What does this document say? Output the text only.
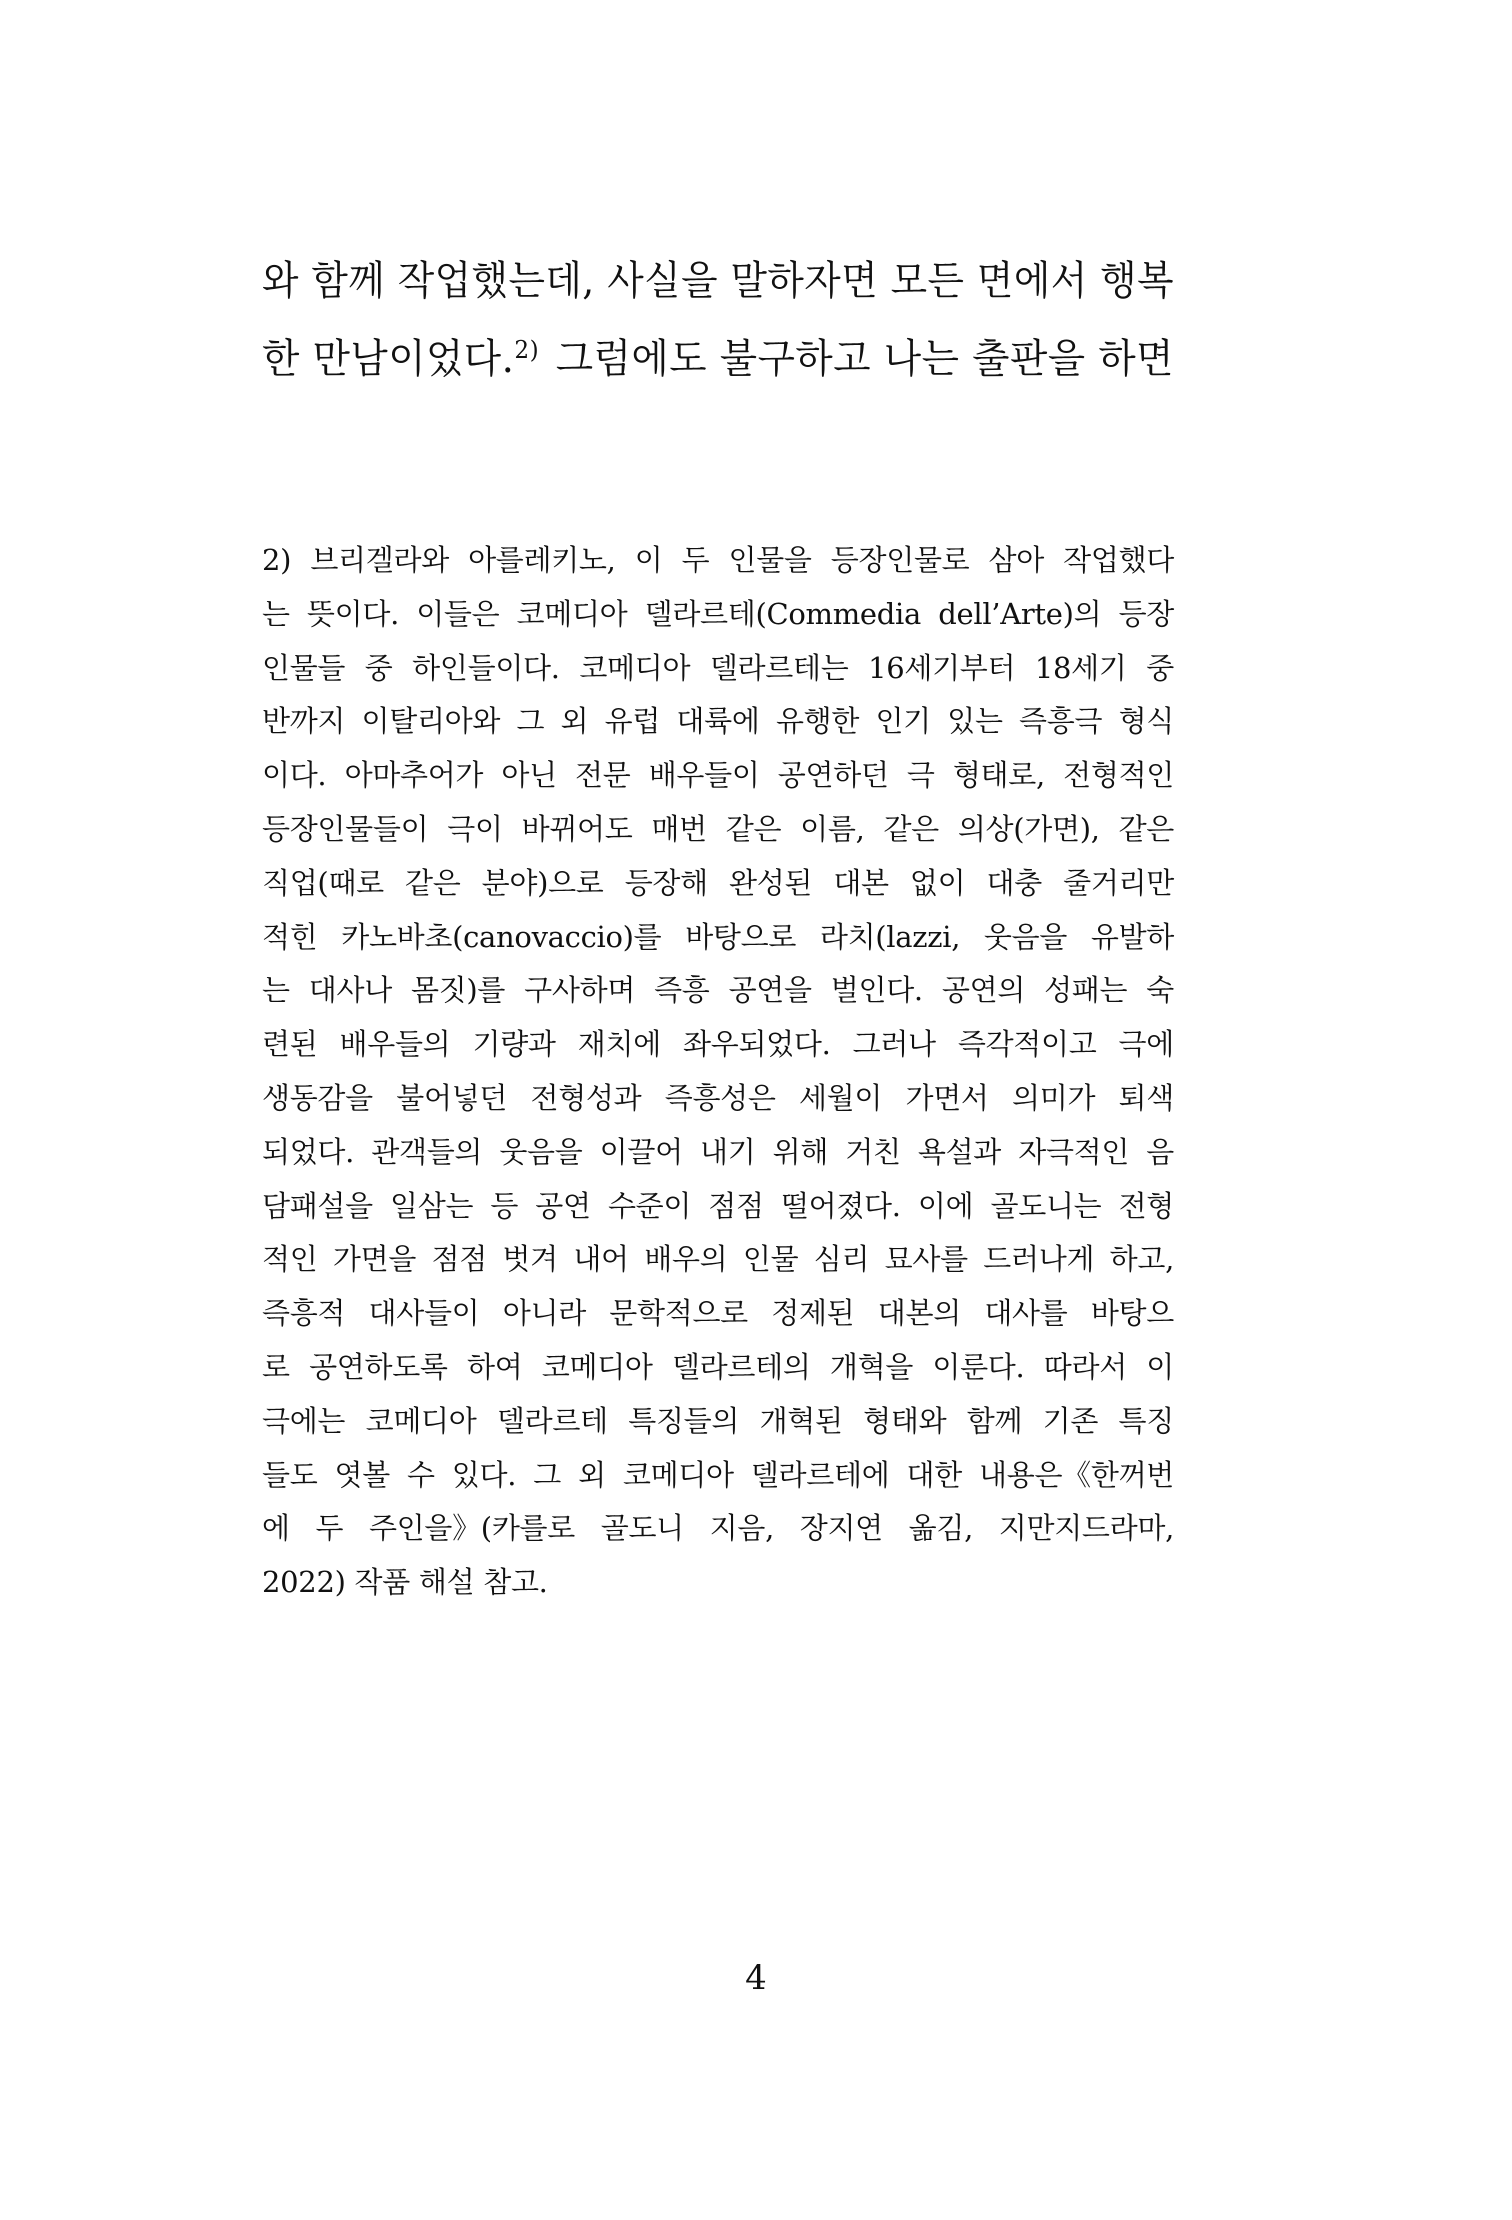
와 함께 작업했는데, 사실을 말하자면 모든 면에서 행복
한 만남이었다.$^{2)}$ 그럼에도 불구하고 나는 출판을 하면
2) 브리겔라와 아를레키노, 이 두 인물을 등장인물로 삼아 작업했다
는 뜻이다. 이들은 코메디아 델라르테(Commedia dell’Arte)의 등장
인물들 중 하인들이다. 코메디아 델라르테는 16세기부터 18세기 중
반까지 이탈리아와 그 외 유럽 대륙에 유행한 인기 있는 즉흥극 형식
이다. 아마추어가 아닌 전문 배우들이 공연하던 극 형태로, 전형적인
등장인물들이 극이 바뀌어도 매번 같은 이름, 같은 의상(가면), 같은
직업(때로 같은 분야)으로 등장해 완성된 대본 없이 대충 줄거리만
적힌 카노바초(canovaccio)를 바탕으로 라치(lazzi, 웃음을 유발하
는 대사나 몸짓)를 구사하며 즉흥 공연을 벌인다. 공연의 성패는 숙
련된 배우들의 기량과 재치에 좌우되었다. 그러나 즉각적이고 극에
생동감을 불어넣던 전형성과 즉흥성은 세월이 가면서 의미가 퇴색
되었다. 관객들의 웃음을 이끌어 내기 위해 거친 욕설과 자극적인 음
담패설을 일삼는 등 공연 수준이 점점 떨어졌다. 이에 골도니는 전형
적인 가면을 점점 벗겨 내어 배우의 인물 심리 묘사를 드러나게 하고,
즉흥적 대사들이 아니라 문학적으로 정제된 대본의 대사를 바탕으
로 공연하도록 하여 코메디아 델라르테의 개혁을 이룬다. 따라서 이
극에는 코메디아 델라르테 특징들의 개혁된 형태와 함께 기존 특징
들도 엿볼 수 있다. 그 외 코메디아 델라르테에 대한 내용은《한꺼번
에 두 주인을》(카를로 골도니 지음, 장지연 옮김, 지만지드라마,
2022) 작품 해설 참고.
4
